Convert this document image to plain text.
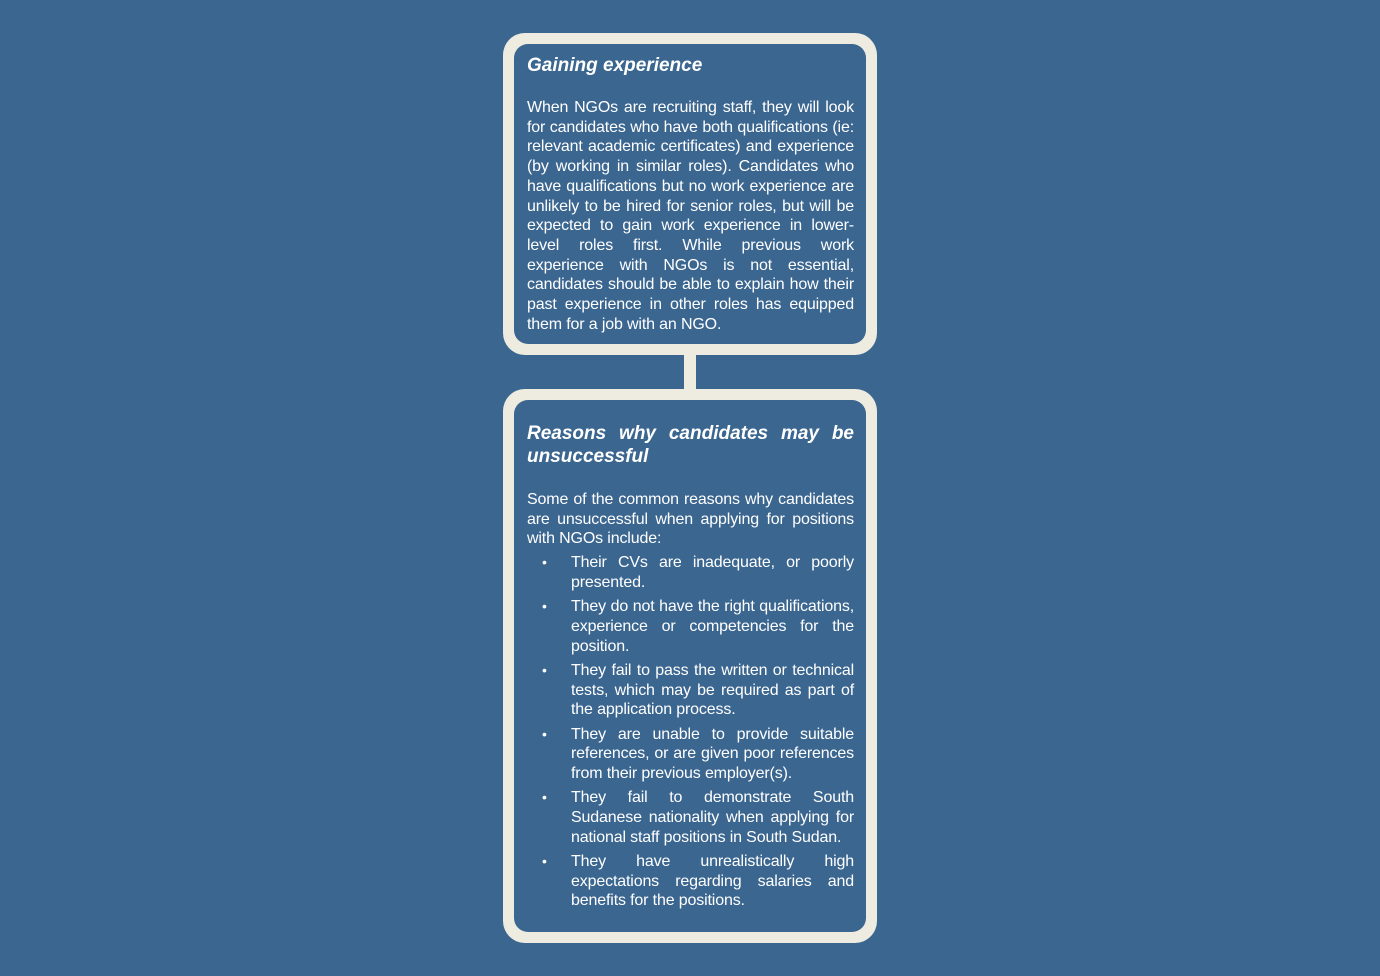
Gaining experience

When NGOs are recruiting staff, they will look for candidates who have both qualifications (ie: relevant academic certificates) and experience (by working in similar roles). Candidates who have qualifications but no work experience are unlikely to be hired for senior roles, but will be expected to gain work experience in lower-level roles first. While previous work experience with NGOs is not essential, candidates should be able to explain how their past experience in other roles has equipped them for a job with an NGO.

Reasons why candidates may be unsuccessful

Some of the common reasons why candidates are unsuccessful when applying for positions with NGOs include:

• Their CVs are inadequate, or poorly presented.
• They do not have the right qualifications, experience or competencies for the position.
• They fail to pass the written or technical tests, which may be required as part of the application process.
• They are unable to provide suitable references, or are given poor references from their previous employer(s).
• They fail to demonstrate South Sudanese nationality when applying for national staff positions in South Sudan.
• They have unrealistically high expectations regarding salaries and benefits for the positions.
